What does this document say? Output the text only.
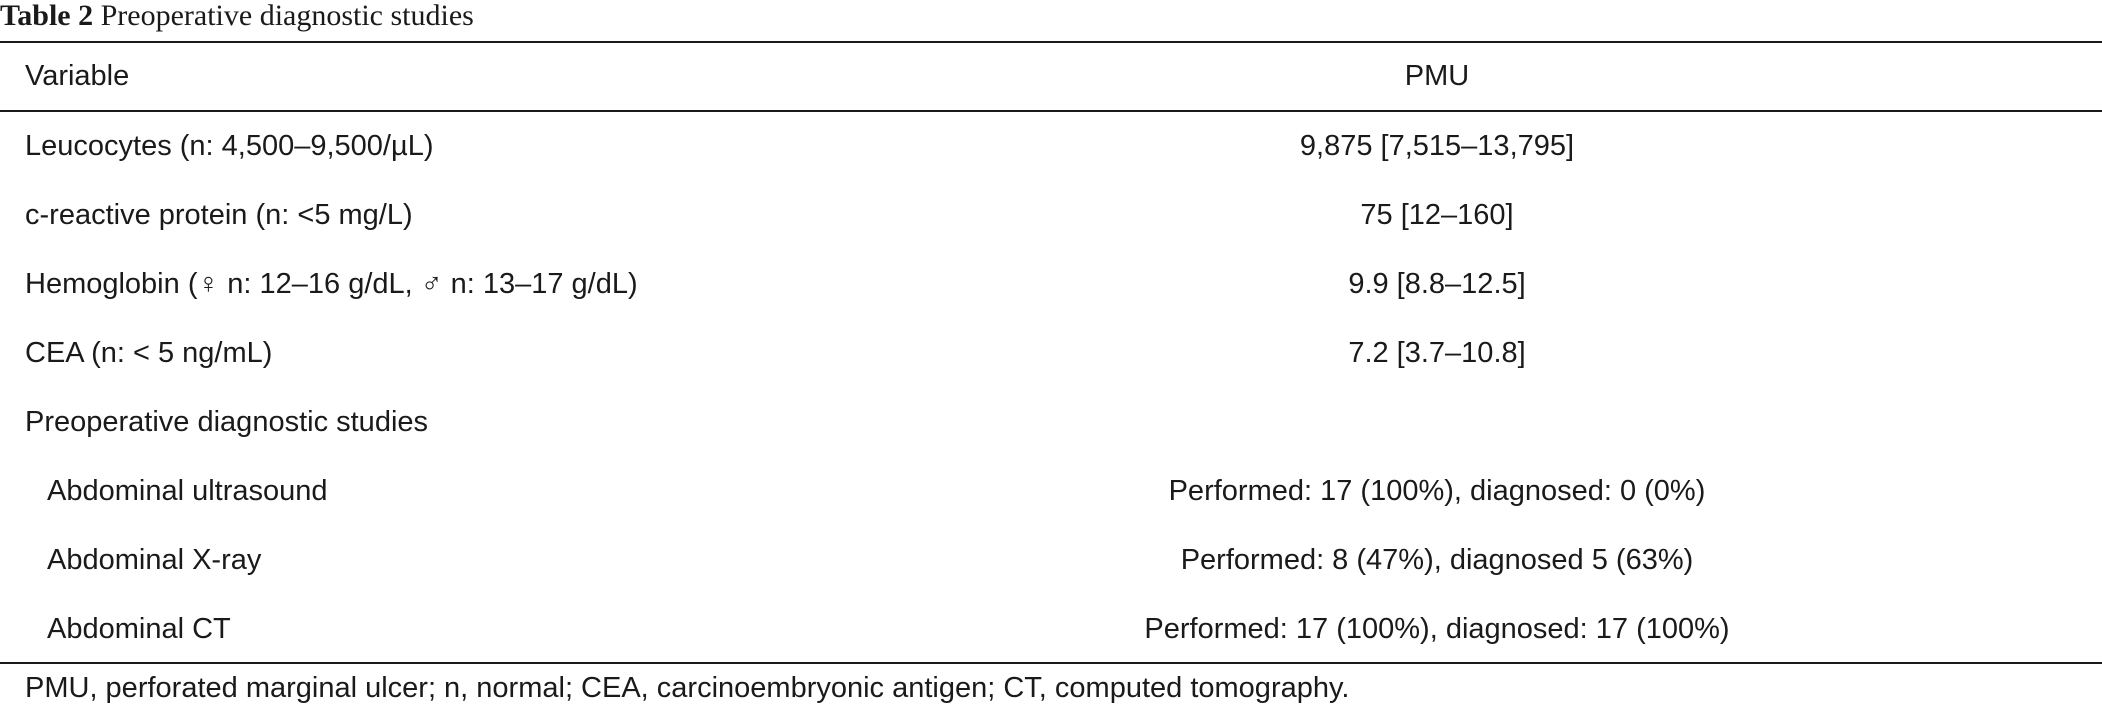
Table 2 Preoperative diagnostic studies
Variable	PMU
Leucocytes (n: 4,500–9,500/µL)	9,875 [7,515–13,795]
c-reactive protein (n: <5 mg/L)	75 [12–160]
Hemoglobin (♀ n: 12–16 g/dL, ♂ n: 13–17 g/dL)	9.9 [8.8–12.5]
CEA (n: < 5 ng/mL)	7.2 [3.7–10.8]
Preoperative diagnostic studies
Abdominal ultrasound	Performed: 17 (100%), diagnosed: 0 (0%)
Abdominal X-ray	Performed: 8 (47%), diagnosed 5 (63%)
Abdominal CT	Performed: 17 (100%), diagnosed: 17 (100%)
PMU, perforated marginal ulcer; n, normal; CEA, carcinoembryonic antigen; CT, computed tomography.
